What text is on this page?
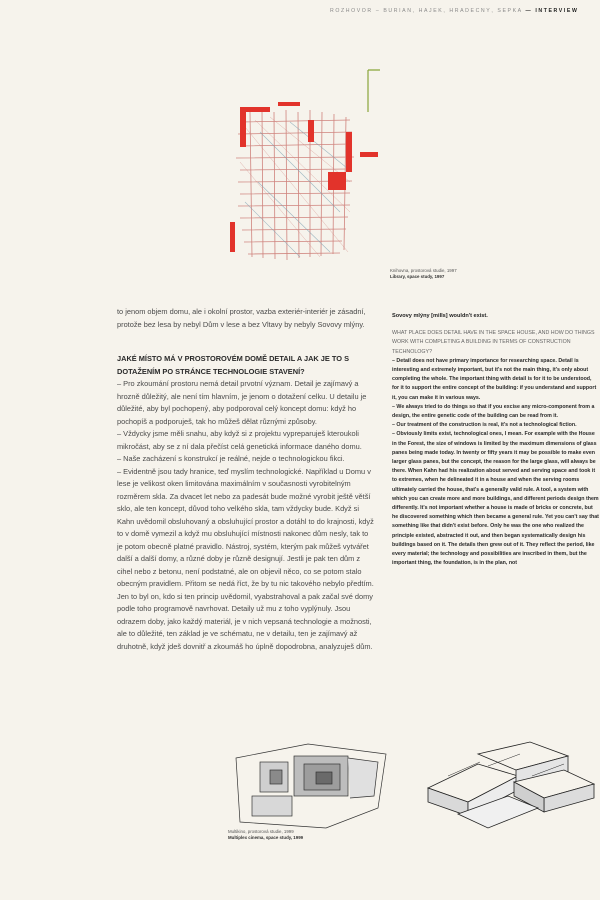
ROZHOVOR – BURIAN, HÁJEK, HRADEČNÝ, ŠEPKA — INTERVIEW
Knihovna, prostorová studie, 1997
Library, space study, 1997

to jenom objem domu, ale i okolní prostor, vazba exteriér-interiér je zásadní, protože bez lesa by nebyl Dům v lese a bez Vltavy by nebyly Sovovy mlýny.

JAKÉ MÍSTO MÁ V PROSTOROVÉM DOMĚ DETAIL A JAK JE TO S DOTAŽENÍM PO STRÁNCE TECHNOLOGIE STAVENÍ?

– Pro zkoumání prostoru nemá detail prvotní význam. Detail je zajímavý a hrozně důležitý, ale není tím hlavním, je jenom o dotažení celku. U detailu je důležité, aby byl pochopený, aby podporoval celý koncept domu: když ho pochopíš a podporuješ, tak ho můžeš dělat různými způsoby.

– Vždycky jsme měli snahu, aby když si z projektu vypreparuješ kteroukoli mikročást, aby se z ní dala přečíst celá genetická informace daného domu.

– Naše zacházení s konstrukcí je reálné, nejde o technologickou fikci.

– Evidentně jsou tady hranice, teď myslím technologické. Například u Domu v lese je velikost oken limitována maximálním v současnosti vyrobitelným rozměrem skla. Za dvacet let nebo za padesát bude možné vyrobit ještě větší sklo, ale ten koncept, důvod toho velkého skla, tam vždycky bude. Když si Kahn uvědomil obsluhovaný a obsluhující prostor a dotáhl to do krajnosti, když to v domě vymezil a když mu obsluhující místnosti nakonec dům nesly, tak to je potom obecně platné pravidlo. Nástroj, systém, kterým pak můžeš vytvářet další a další domy, a různé doby je různě designují. Jestli je pak ten dům z cihel nebo z betonu, není podstatné, ale on objevil něco, co se potom stalo obecným pravidlem. Přitom se nedá říct, že by tu nic takového nebylo předtím. Jen to byl on, kdo si ten princip uvědomil, vyabstrahoval a pak začal své domy podle toho programově navrhovat. Detaily už mu z toho vyplýnuly. Jsou odrazem doby, jako každý materiál, je v nich vepsaná technologie a možnosti, ale to důležité, ten základ je ve schématu, ne v detailu, ten je zajímavý až druhotně, když jdeš dovnitř a zkoumáš ho úplně dopodrobna, analyzuješ dům.

Sovovy mlýny [mills] wouldn't exist.

WHAT PLACE DOES DETAIL HAVE IN THE SPACE HOUSE, AND HOW DO THINGS WORK WITH COMPLETING A BUILDING IN TERMS OF CONSTRUCTION TECHNOLOGY?

– Detail does not have primary importance for researching space. Detail is interesting and extremely important, but it's not the main thing, it's only about completing the whole. The important thing with detail is for it to be understood, for it to support the entire concept of the building: if you understand and support it, you can make it in various ways.

– We always tried to do things so that if you excise any micro-component from a design, the entire genetic code of the building can be read from it.

– Our treatment of the construction is real, it's not a technological fiction.

– Obviously limits exist, technological ones, I mean. For example with the House in the Forest, the size of windows is limited by the maximum dimensions of glass panes being made today. In twenty or fifty years it may be possible to make even larger glass panes, but the concept, the reason for the large glass, will always be there. When Kahn had his realization about served and serving space and took it to extremes, when he delineated it in a house and when the serving rooms ultimately carried the house, that's a generally valid rule. A tool, a system with which you can create more and more buildings, and different periods design them differently. It's not important whether a house is made of bricks or concrete, but he discovered something which then became a general rule. Yet you can't say that something like that didn't exist before. Only he was the one who realized the principle existed, abstracted it out, and then began systematically design his buildings based on it. The details then grew out of it. They reflect the period, like every material; the technology and possibilities are inscribed in them, but the important thing, the foundation, is in the plan, not

Multikino, prostorová studie, 1999
Multiplex cinema, space study, 1999
